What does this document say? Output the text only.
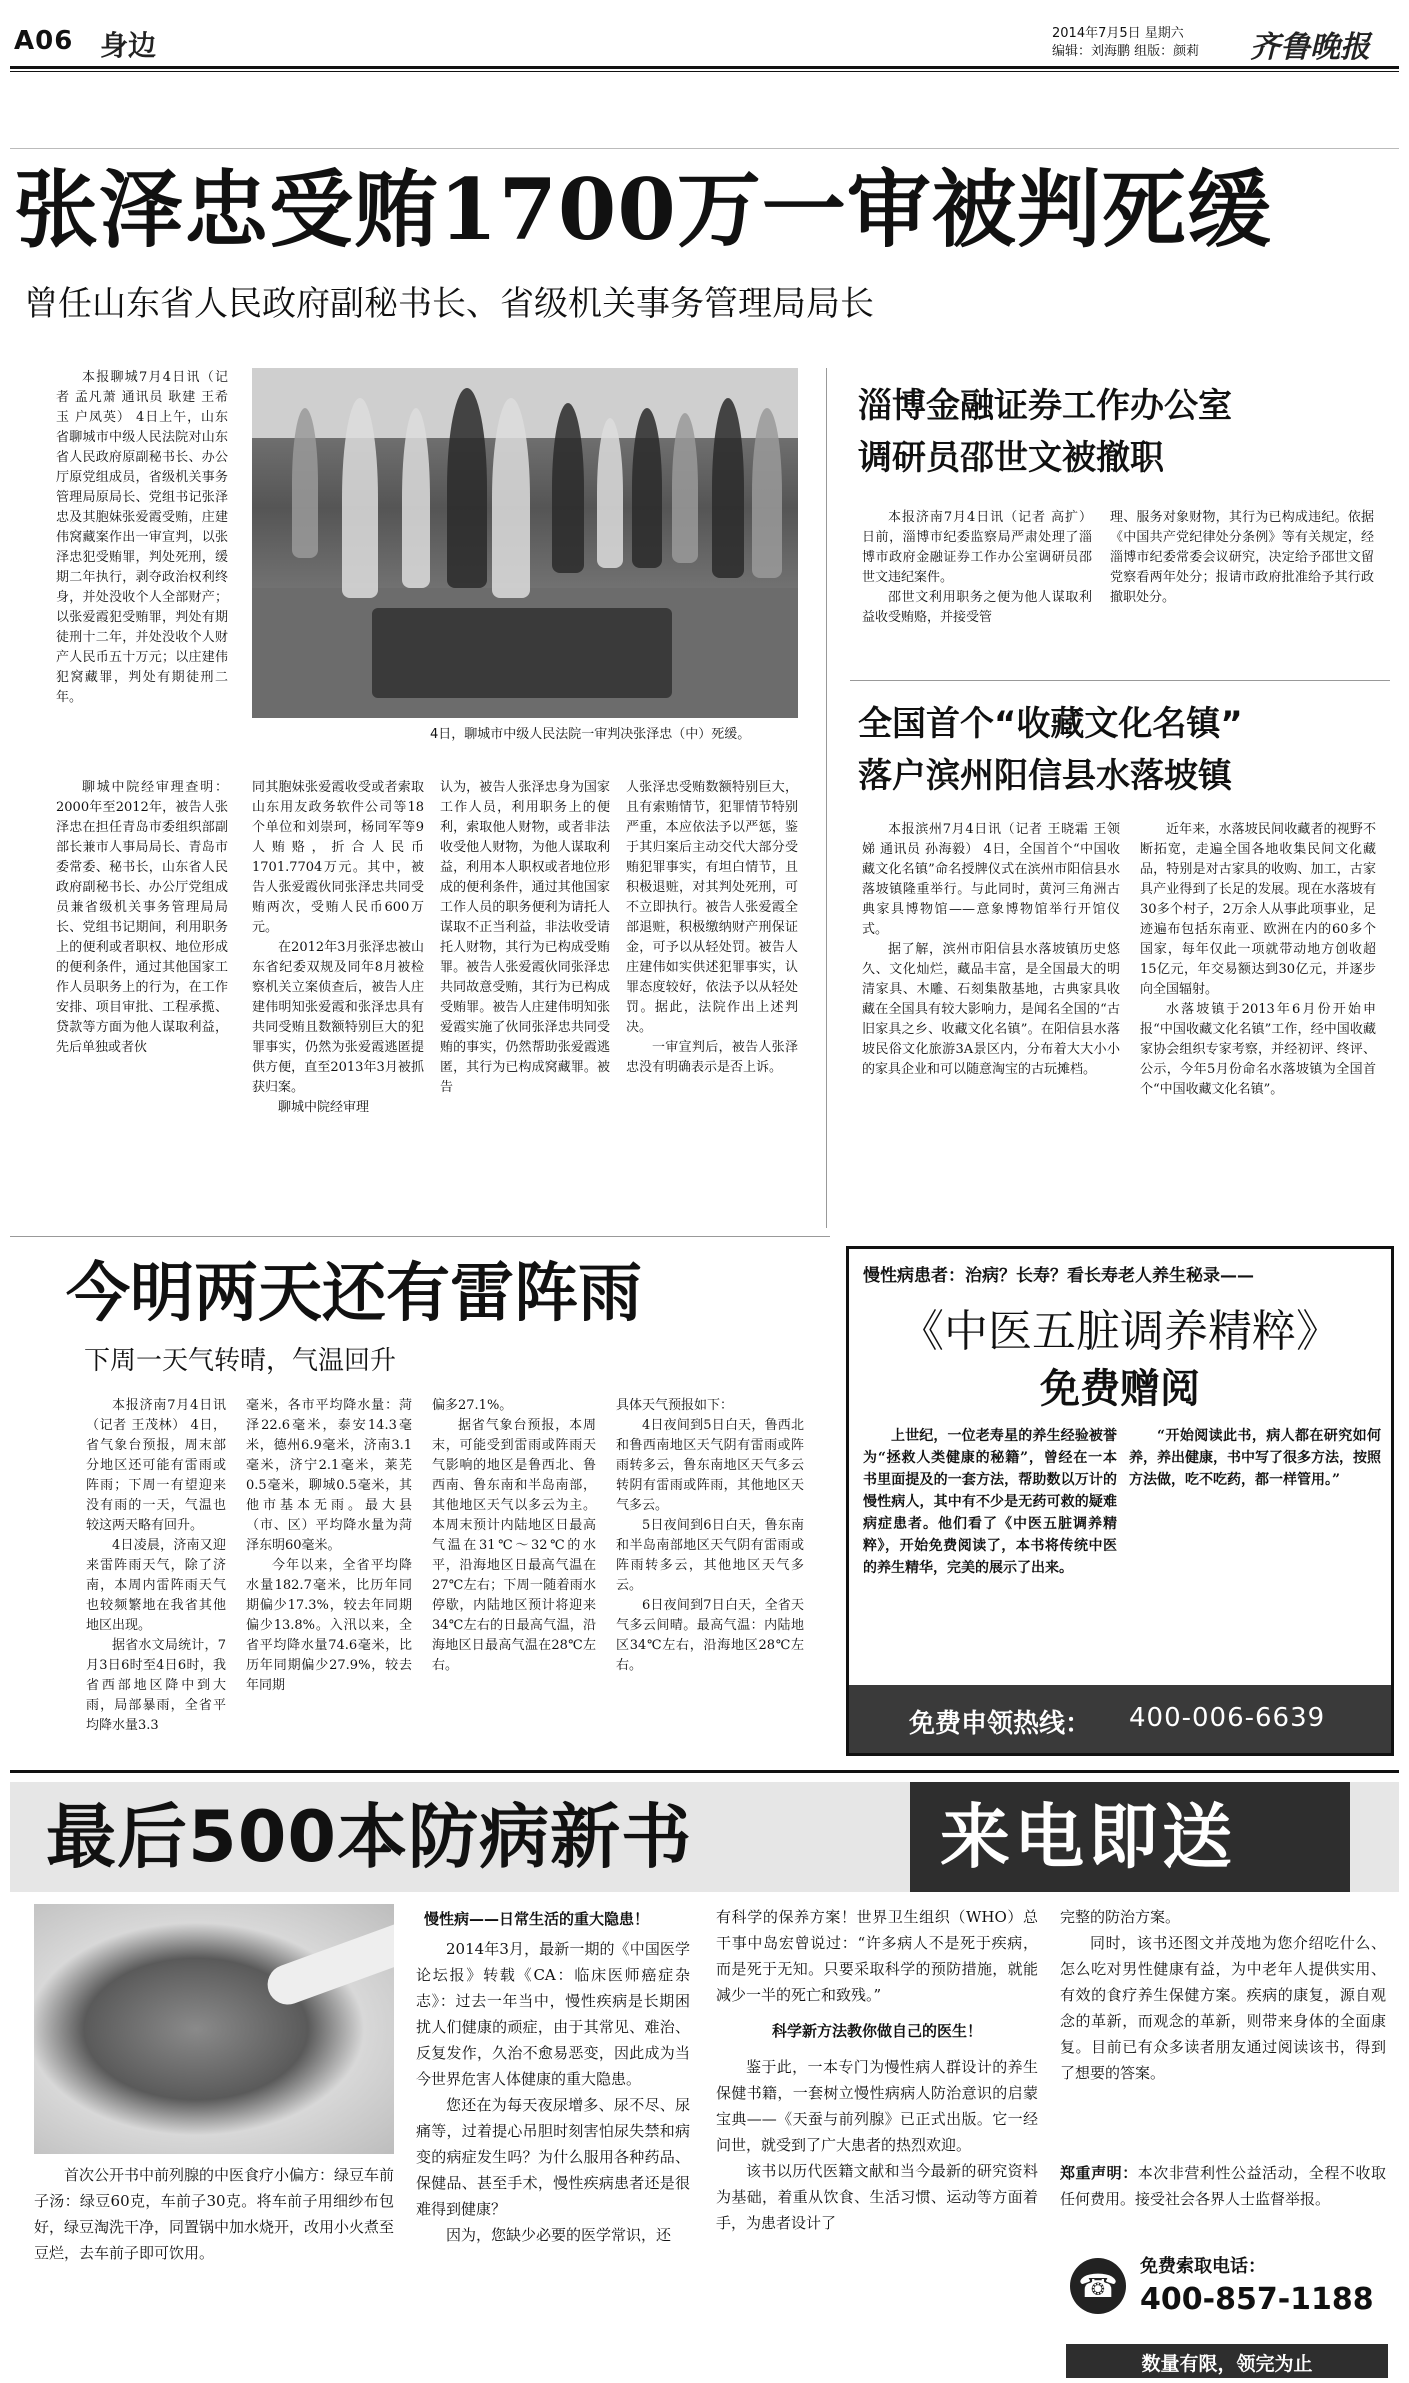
A06 身边	2014年7月5日 星期六
编辑：刘海鹏 组版：颜莉 齐鲁晚报
张泽忠受贿1700万一审被判死缓
曾任山东省人民政府副秘书长、省级机关事务管理局局长

本报聊城7月4日讯（记者 孟凡萧 通讯员 耿建 王希玉 户凤英） 4日上午，山东省聊城市中级人民法院对山东省人民政府原副秘书长、办公厅原党组成员，省级机关事务管理局原局长、党组书记张泽忠及其胞妹张爱霞受贿，庄建伟窝藏案作出一审宣判，以张泽忠犯受贿罪，判处死刑，缓期二年执行，剥夺政治权利终身，并处没收个人全部财产；以张爱霞犯受贿罪，判处有期徒刑十二年，并处没收个人财产人民币五十万元；以庄建伟犯窝藏罪，判处有期徒刑二年。

4日，聊城市中级人民法院一审判决张泽忠（中）死缓。

聊城中院经审理查明：2000年至2012年，被告人张泽忠在担任青岛市委组织部副部长兼市人事局局长、青岛市委常委、秘书长，山东省人民政府副秘书长、办公厅党组成员兼省级机关事务管理局局长、党组书记期间，利用职务上的便利或者职权、地位形成的便利条件，通过其他国家工作人员职务上的行为，在工作安排、项目审批、工程承揽、贷款等方面为他人谋取利益，先后单独或者伙

同其胞妹张爱霞收受或者索取山东用友政务软件公司等18个单位和刘崇珂，杨同军等9人贿赂，折合人民币1701.7704万元。其中，被告人张爱霞伙同张泽忠共同受贿两次，受贿人民币600万元。

在2012年3月张泽忠被山东省纪委双规及同年8月被检察机关立案侦查后，被告人庄建伟明知张爱霞和张泽忠具有共同受贿且数额特别巨大的犯罪事实，仍然为张爱霞逃匿提供方便，直至2013年3月被抓获归案。

聊城中院经审理

认为，被告人张泽忠身为国家工作人员，利用职务上的便利，索取他人财物，或者非法收受他人财物，为他人谋取利益，利用本人职权或者地位形成的便利条件，通过其他国家工作人员的职务便利为请托人谋取不正当利益，非法收受请托人财物，其行为已构成受贿罪。被告人张爱霞伙同张泽忠共同故意受贿，其行为已构成受贿罪。被告人庄建伟明知张爱霞实施了伙同张泽忠共同受贿的事实，仍然帮助张爱霞逃匿，其行为已构成窝藏罪。被告

人张泽忠受贿数额特别巨大，且有索贿情节，犯罪情节特别严重，本应依法予以严惩，鉴于其归案后主动交代大部分受贿犯罪事实，有坦白情节，且积极退赃，对其判处死刑，可不立即执行。被告人张爱霞全部退赃，积极缴纳财产刑保证金，可予以从轻处罚。被告人庄建伟如实供述犯罪事实，认罪态度较好，依法予以从轻处罚。据此，法院作出上述判决。

一审宣判后，被告人张泽忠没有明确表示是否上诉。

淄博金融证券工作办公室
调研员邵世文被撤职

本报济南7月4日讯（记者 高扩） 日前，淄博市纪委监察局严肃处理了淄博市政府金融证券工作办公室调研员邵世文违纪案件。

邵世文利用职务之便为他人谋取利益收受贿赂，并接受管

理、服务对象财物，其行为已构成违纪。依据《中国共产党纪律处分条例》等有关规定，经淄博市纪委常委会议研究，决定给予邵世文留党察看两年处分；报请市政府批准给予其行政撤职处分。

全国首个“收藏文化名镇”
落户滨州阳信县水落坡镇

本报滨州7月4日讯（记者 王晓霜 王领娣 通讯员 孙海毅） 4日，全国首个“中国收藏文化名镇”命名授牌仪式在滨州市阳信县水落坡镇隆重举行。与此同时，黄河三角洲古典家具博物馆——意象博物馆举行开馆仪式。

据了解，滨州市阳信县水落坡镇历史悠久、文化灿烂，藏品丰富，是全国最大的明清家具、木雕、石刻集散基地，古典家具收藏在全国具有较大影响力，是闻名全国的“古旧家具之乡、收藏文化名镇”。在阳信县水落坡民俗文化旅游3A景区内，分布着大大小小的家具企业和可以随意淘宝的古玩摊档。

近年来，水落坡民间收藏者的视野不断拓宽，走遍全国各地收集民间文化藏品，特别是对古家具的收购、加工，古家具产业得到了长足的发展。现在水落坡有30多个村子，2万余人从事此项事业，足迹遍布包括东南亚、欧洲在内的60多个国家，每年仅此一项就带动地方创收超15亿元，年交易额达到30亿元，并逐步向全国辐射。

水落坡镇于2013年6月份开始申报“中国收藏文化名镇”工作，经中国收藏家协会组织专家考察，并经初评、终评、公示，今年5月份命名水落坡镇为全国首个“中国收藏文化名镇”。

今明两天还有雷阵雨
下周一天气转晴，气温回升

本报济南7月4日讯（记者 王茂林） 4日，省气象台预报，周末部分地区还可能有雷雨或阵雨；下周一有望迎来没有雨的一天，气温也较这两天略有回升。

4日凌晨，济南又迎来雷阵雨天气，除了济南，本周内雷阵雨天气也较频繁地在我省其他地区出现。

据省水文局统计，7月3日6时至4日6时，我省西部地区降中到大雨，局部暴雨，全省平均降水量3.3

毫米，各市平均降水量：菏泽22.6毫米，泰安14.3毫米，德州6.9毫米，济南3.1毫米，济宁2.1毫米，莱芜0.5毫米，聊城0.5毫米，其他市基本无雨。最大县（市、区）平均降水量为菏泽东明60毫米。

今年以来，全省平均降水量182.7毫米，比历年同期偏少17.3%，较去年同期偏少13.8%。入汛以来，全省平均降水量74.6毫米，比历年同期偏少27.9%，较去年同期

偏多27.1%。

据省气象台预报，本周末，可能受到雷雨或阵雨天气影响的地区是鲁西北、鲁西南、鲁东南和半岛南部，其他地区天气以多云为主。本周末预计内陆地区日最高气温在31℃～32℃的水平，沿海地区日最高气温在27℃左右；下周一随着雨水停歇，内陆地区预计将迎来34℃左右的日最高气温，沿海地区日最高气温在28℃左右。

具体天气预报如下：

4日夜间到5日白天，鲁西北和鲁西南地区天气阴有雷雨或阵雨转多云，鲁东南地区天气多云转阴有雷雨或阵雨，其他地区天气多云。

5日夜间到6日白天，鲁东南和半岛南部地区天气阴有雷雨或阵雨转多云，其他地区天气多云。

6日夜间到7日白天，全省天气多云间晴。最高气温：内陆地区34℃左右，沿海地区28℃左右。

慢性病患者：治病？长寿？看长寿老人养生秘录——
《中医五脏调养精粹》
免费赠阅

上世纪，一位老寿星的养生经验被誉为“拯救人类健康的秘籍”，曾经在一本书里面提及的一套方法，帮助数以万计的慢性病人，其中有不少是无药可救的疑难病症患者。他们看了《中医五脏调养精粹》，开始免费阅读了，本书将传统中医的养生精华，完美的展示了出来。

“开始阅读此书，病人都在研究如何养，养出健康，书中写了很多方法，按照方法做，吃不吃药，都一样管用。”

免费申领热线： 400-006-6639
最后500本防病新书	来电即送

首次公开书中前列腺的中医食疗小偏方：绿豆车前子汤：绿豆60克，车前子30克。将车前子用细纱布包好，绿豆淘洗干净，同置锅中加水烧开，改用小火煮至豆烂，去车前子即可饮用。

慢性病——日常生活的重大隐患！

2014年3月，最新一期的《中国医学论坛报》转载《CA：临床医师癌症杂志》：过去一年当中，慢性疾病是长期困扰人们健康的顽症，由于其常见、难治、反复发作，久治不愈易恶变，因此成为当今世界危害人体健康的重大隐患。

您还在为每天夜尿增多、尿不尽、尿痛等，过着提心吊胆时刻害怕尿失禁和病变的病症发生吗？为什么服用各种药品、保健品、甚至手术，慢性疾病患者还是很难得到健康？

因为，您缺少必要的医学常识，还

有科学的保养方案！世界卫生组织（WHO）总干事中岛宏曾说过：“许多病人不是死于疾病，而是死于无知。只要采取科学的预防措施，就能减少一半的死亡和致残。”

科学新方法教你做自己的医生！

鉴于此，一本专门为慢性病人群设计的养生保健书籍，一套树立慢性病病人防治意识的启蒙宝典——《天蚕与前列腺》已正式出版。它一经问世，就受到了广大患者的热烈欢迎。

该书以历代医籍文献和当今最新的研究资料为基础，着重从饮食、生活习惯、运动等方面着手，为患者设计了

完整的防治方案。

同时，该书还图文并茂地为您介绍吃什么、怎么吃对男性健康有益，为中老年人提供实用、有效的食疗养生保健方案。疾病的康复，源自观念的革新，而观念的革新，则带来身体的全面康复。目前已有众多读者朋友通过阅读该书，得到了想要的答案。

郑重声明：本次非营利性公益活动，全程不收取任何费用。接受社会各界人士监督举报。

☎
免费索取电话：
400-857-1188
数量有限，领完为止
